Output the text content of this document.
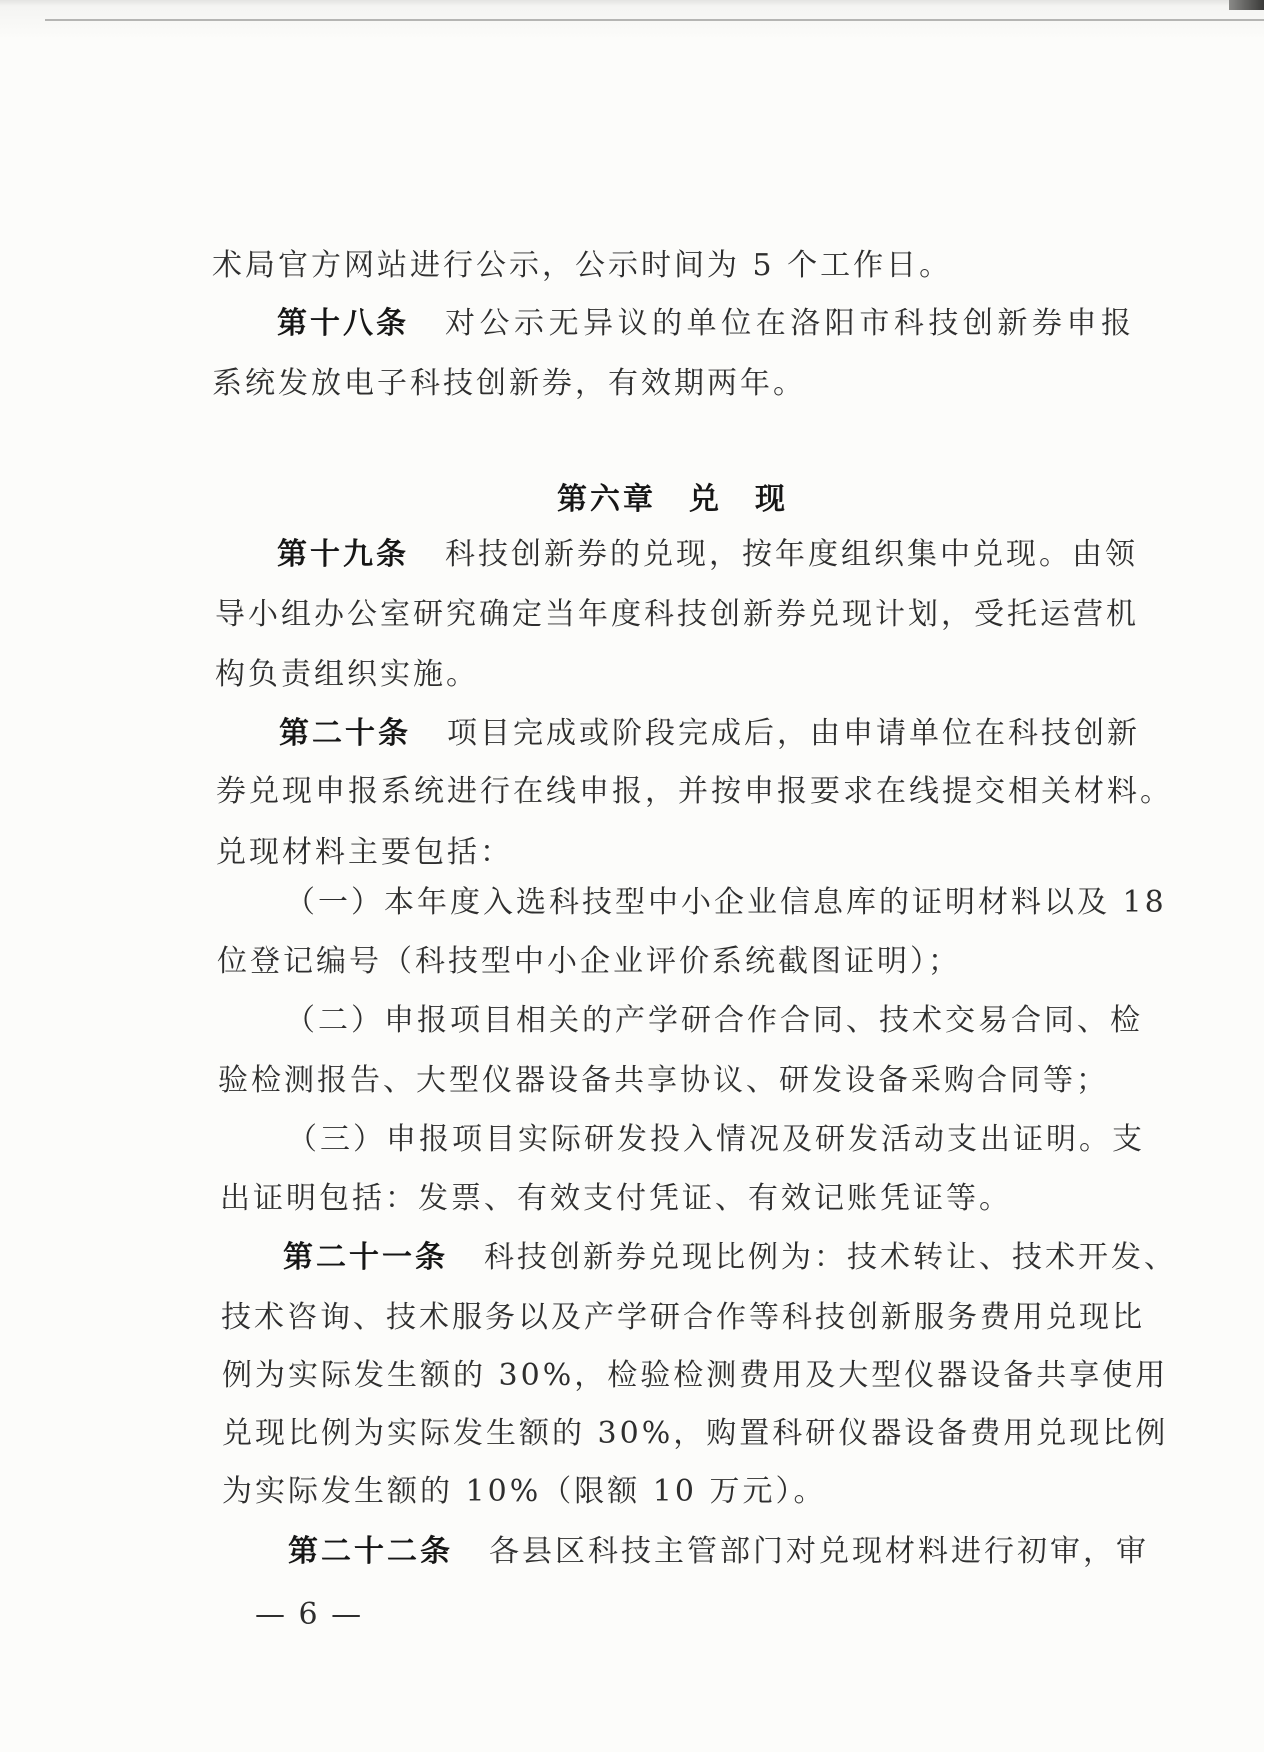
术局官方网站进行公示，公示时间为 5 个工作日。
第十八条 对公示无异议的单位在洛阳市科技创新券申报
系统发放电子科技创新券，有效期两年。
第六章　兑　现
第十九条 科技创新券的兑现，按年度组织集中兑现。由领
导小组办公室研究确定当年度科技创新券兑现计划，受托运营机
构负责组织实施。
第二十条 项目完成或阶段完成后，由申请单位在科技创新
券兑现申报系统进行在线申报，并按申报要求在线提交相关材料。
兑现材料主要包括：
（一）本年度入选科技型中小企业信息库的证明材料以及 18
位登记编号（科技型中小企业评价系统截图证明）；
（二）申报项目相关的产学研合作合同、技术交易合同、检
验检测报告、大型仪器设备共享协议、研发设备采购合同等；
（三）申报项目实际研发投入情况及研发活动支出证明。支
出证明包括：发票、有效支付凭证、有效记账凭证等。
第二十一条 科技创新券兑现比例为：技术转让、技术开发、
技术咨询、技术服务以及产学研合作等科技创新服务费用兑现比
例为实际发生额的 30%，检验检测费用及大型仪器设备共享使用
兑现比例为实际发生额的 30%，购置科研仪器设备费用兑现比例
为实际发生额的 10%（限额 10 万元）。
第二十二条 各县区科技主管部门对兑现材料进行初审，审
— 6 —
